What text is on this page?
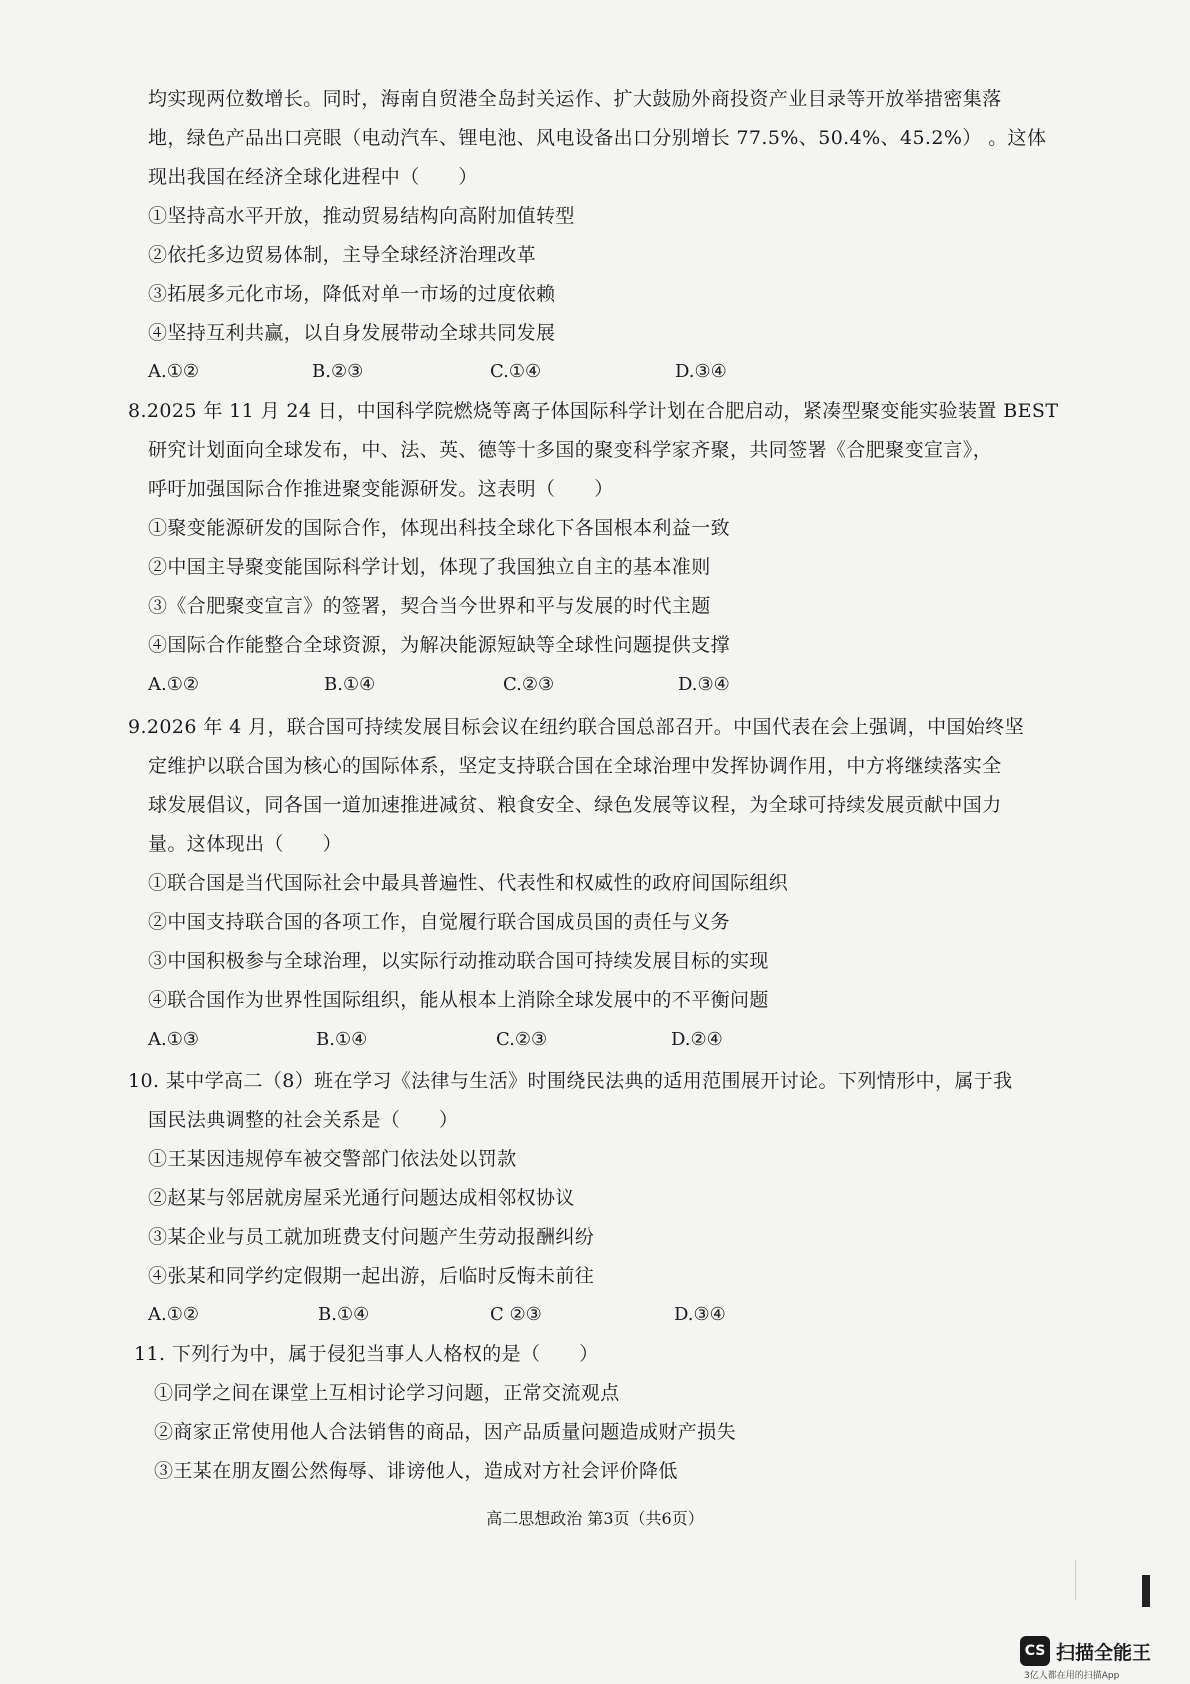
均实现两位数增长。同时，海南自贸港全岛封关运作、扩大鼓励外商投资产业目录等开放举措密集落
地，绿色产品出口亮眼（电动汽车、锂电池、风电设备出口分别增长 77.5%、50.4%、45.2%） 。这体
现出我国在经济全球化进程中（　　）
①坚持高水平开放，推动贸易结构向高附加值转型
②依托多边贸易体制，主导全球经济治理改革
③拓展多元化市场，降低对单一市场的过度依赖
④坚持互利共赢，以自身发展带动全球共同发展
A.①②	B.②③	C.①④	D.③④
8.2025 年 11 月 24 日，中国科学院燃烧等离子体国际科学计划在合肥启动，紧凑型聚变能实验装置 BEST
研究计划面向全球发布，中、法、英、德等十多国的聚变科学家齐聚，共同签署《合肥聚变宣言》，
呼吁加强国际合作推进聚变能源研发。这表明（　　）
①聚变能源研发的国际合作，体现出科技全球化下各国根本利益一致
②中国主导聚变能国际科学计划，体现了我国独立自主的基本准则
③《合肥聚变宣言》的签署，契合当今世界和平与发展的时代主题
④国际合作能整合全球资源，为解决能源短缺等全球性问题提供支撑
A.①②	B.①④	C.②③	D.③④
9.2026 年 4 月，联合国可持续发展目标会议在纽约联合国总部召开。中国代表在会上强调，中国始终坚
定维护以联合国为核心的国际体系，坚定支持联合国在全球治理中发挥协调作用，中方将继续落实全
球发展倡议，同各国一道加速推进减贫、粮食安全、绿色发展等议程，为全球可持续发展贡献中国力
量。这体现出（　　）
①联合国是当代国际社会中最具普遍性、代表性和权威性的政府间国际组织
②中国支持联合国的各项工作，自觉履行联合国成员国的责任与义务
③中国积极参与全球治理，以实际行动推动联合国可持续发展目标的实现
④联合国作为世界性国际组织，能从根本上消除全球发展中的不平衡问题
A.①③	B.①④	C.②③	D.②④
10. 某中学高二（8）班在学习《法律与生活》时围绕民法典的适用范围展开讨论。下列情形中，属于我
国民法典调整的社会关系是（　　）
①王某因违规停车被交警部门依法处以罚款
②赵某与邻居就房屋采光通行问题达成相邻权协议
③某企业与员工就加班费支付问题产生劳动报酬纠纷
④张某和同学约定假期一起出游，后临时反悔未前往
A.①②	B.①④	C ②③	D.③④
11. 下列行为中，属于侵犯当事人人格权的是（　　）
①同学之间在课堂上互相讨论学习问题，正常交流观点
②商家正常使用他人合法销售的商品，因产品质量问题造成财产损失
③王某在朋友圈公然侮辱、诽谤他人，造成对方社会评价降低
高二思想政治 第3页（共6页）
CS 扫描全能王
3亿人都在用的扫描App
